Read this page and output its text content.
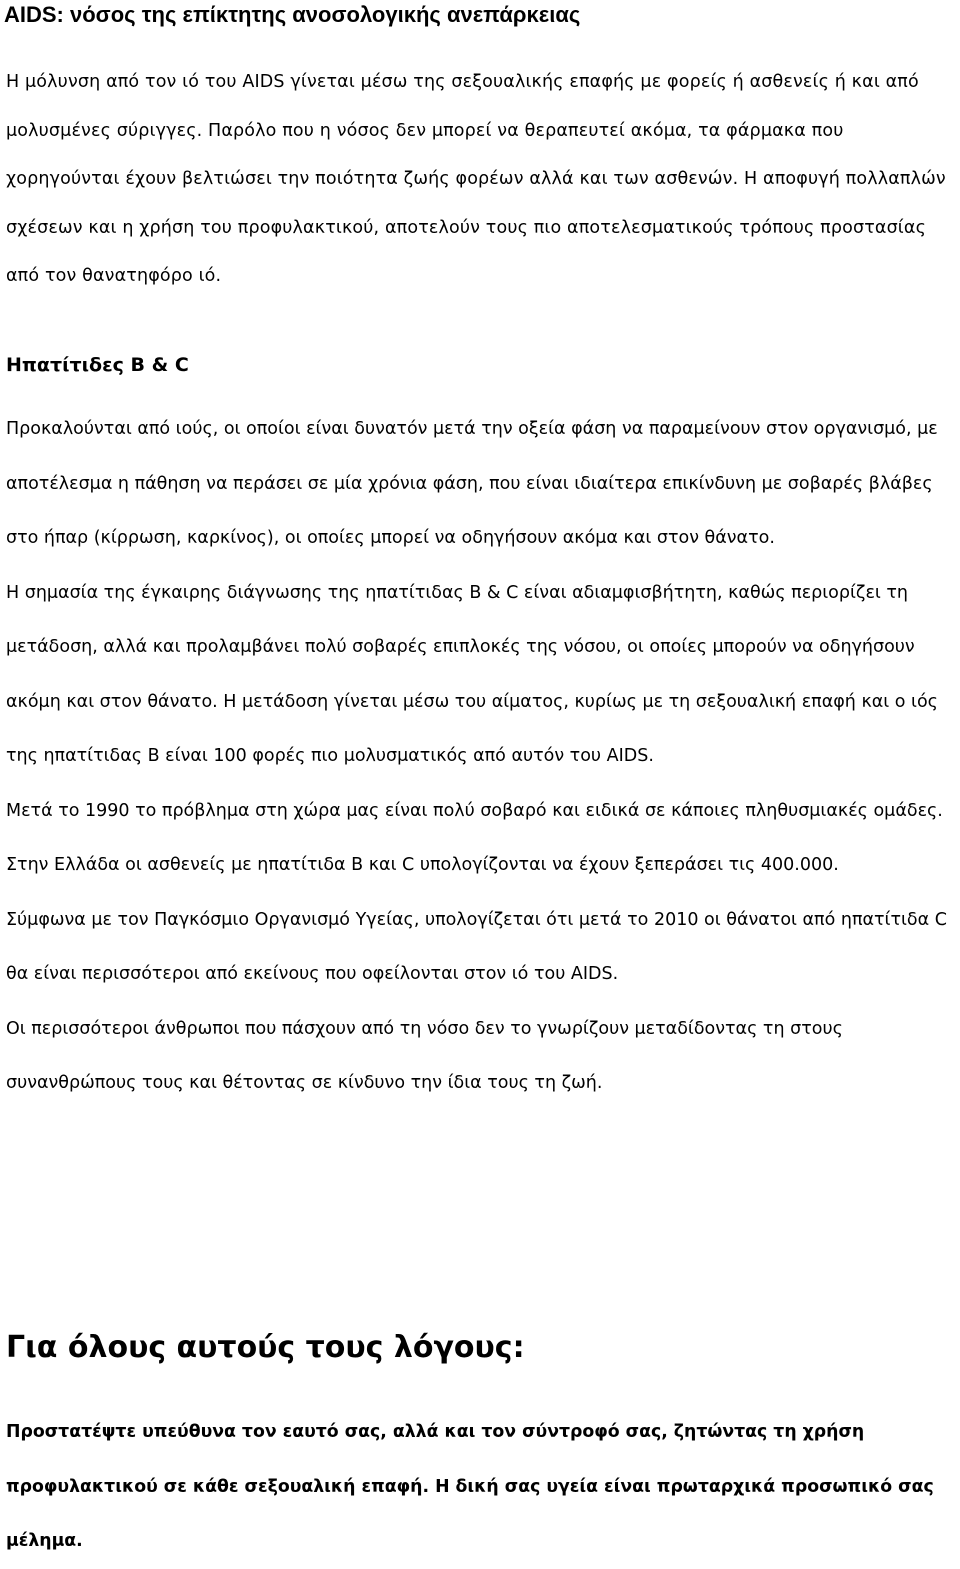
AIDS: νόσος της επίκτητης ανοσολογικής ανεπάρκειας

Η μόλυνση από τον ιό του AIDS γίνεται μέσω της σεξουαλικής επαφής με φορείς ή ασθενείς ή και από μολυσμένες σύριγγες. Παρόλο που η νόσος δεν μπορεί να θεραπευτεί ακόμα, τα φάρμακα που χορηγούνται έχουν βελτιώσει την ποιότητα ζωής φορέων αλλά και των ασθενών. Η αποφυγή πολλαπλών σχέσεων και η χρήση του προφυλακτικού, αποτελούν τους πιο αποτελεσματικούς τρόπους προστασίας από τον θανατηφόρο ιό.

Ηπατίτιδες Β & C

Προκαλούνται από ιούς, οι οποίοι είναι δυνατόν μετά την οξεία φάση να παραμείνουν στον οργανισμό, με αποτέλεσμα η πάθηση να περάσει σε μία χρόνια φάση, που είναι ιδιαίτερα επικίνδυνη με σοβαρές βλάβες στο ήπαρ (κίρρωση, καρκίνος), οι οποίες μπορεί να οδηγήσουν ακόμα και στον θάνατο.

Η σημασία της έγκαιρης διάγνωσης της ηπατίτιδας Β & C είναι αδιαμφισβήτητη, καθώς περιορίζει τη μετάδοση, αλλά και προλαμβάνει πολύ σοβαρές επιπλοκές της νόσου, οι οποίες μπορούν να οδηγήσουν ακόμη και στον θάνατο. Η μετάδοση γίνεται μέσω του αίματος, κυρίως με τη σεξουαλική επαφή και ο ιός της ηπατίτιδας Β είναι 100 φορές πιο μολυσματικός από αυτόν του AIDS.

Μετά το 1990 το πρόβλημα στη χώρα μας είναι πολύ σοβαρό και ειδικά σε κάποιες πληθυσμιακές ομάδες.

Στην Ελλάδα οι ασθενείς με ηπατίτιδα Β και C υπολογίζονται να έχουν ξεπεράσει τις 400.000.

Σύμφωνα με τον Παγκόσμιο Οργανισμό Υγείας, υπολογίζεται ότι μετά το 2010 οι θάνατοι από ηπατίτιδα C θα είναι περισσότεροι από εκείνους που οφείλονται στον ιό του AIDS.

Οι περισσότεροι άνθρωποι που πάσχουν από τη νόσο δεν το γνωρίζουν μεταδίδοντας τη στους συνανθρώπους τους και θέτοντας σε κίνδυνο την ίδια τους τη ζωή.

Για όλους αυτούς τους λόγους:

Προστατέψτε υπεύθυνα τον εαυτό σας, αλλά και τον σύντροφό σας, ζητώντας τη χρήση προφυλακτικού σε κάθε σεξουαλική επαφή. Η δική σας υγεία είναι πρωταρχικά προσωπικό σας μέλημα.
